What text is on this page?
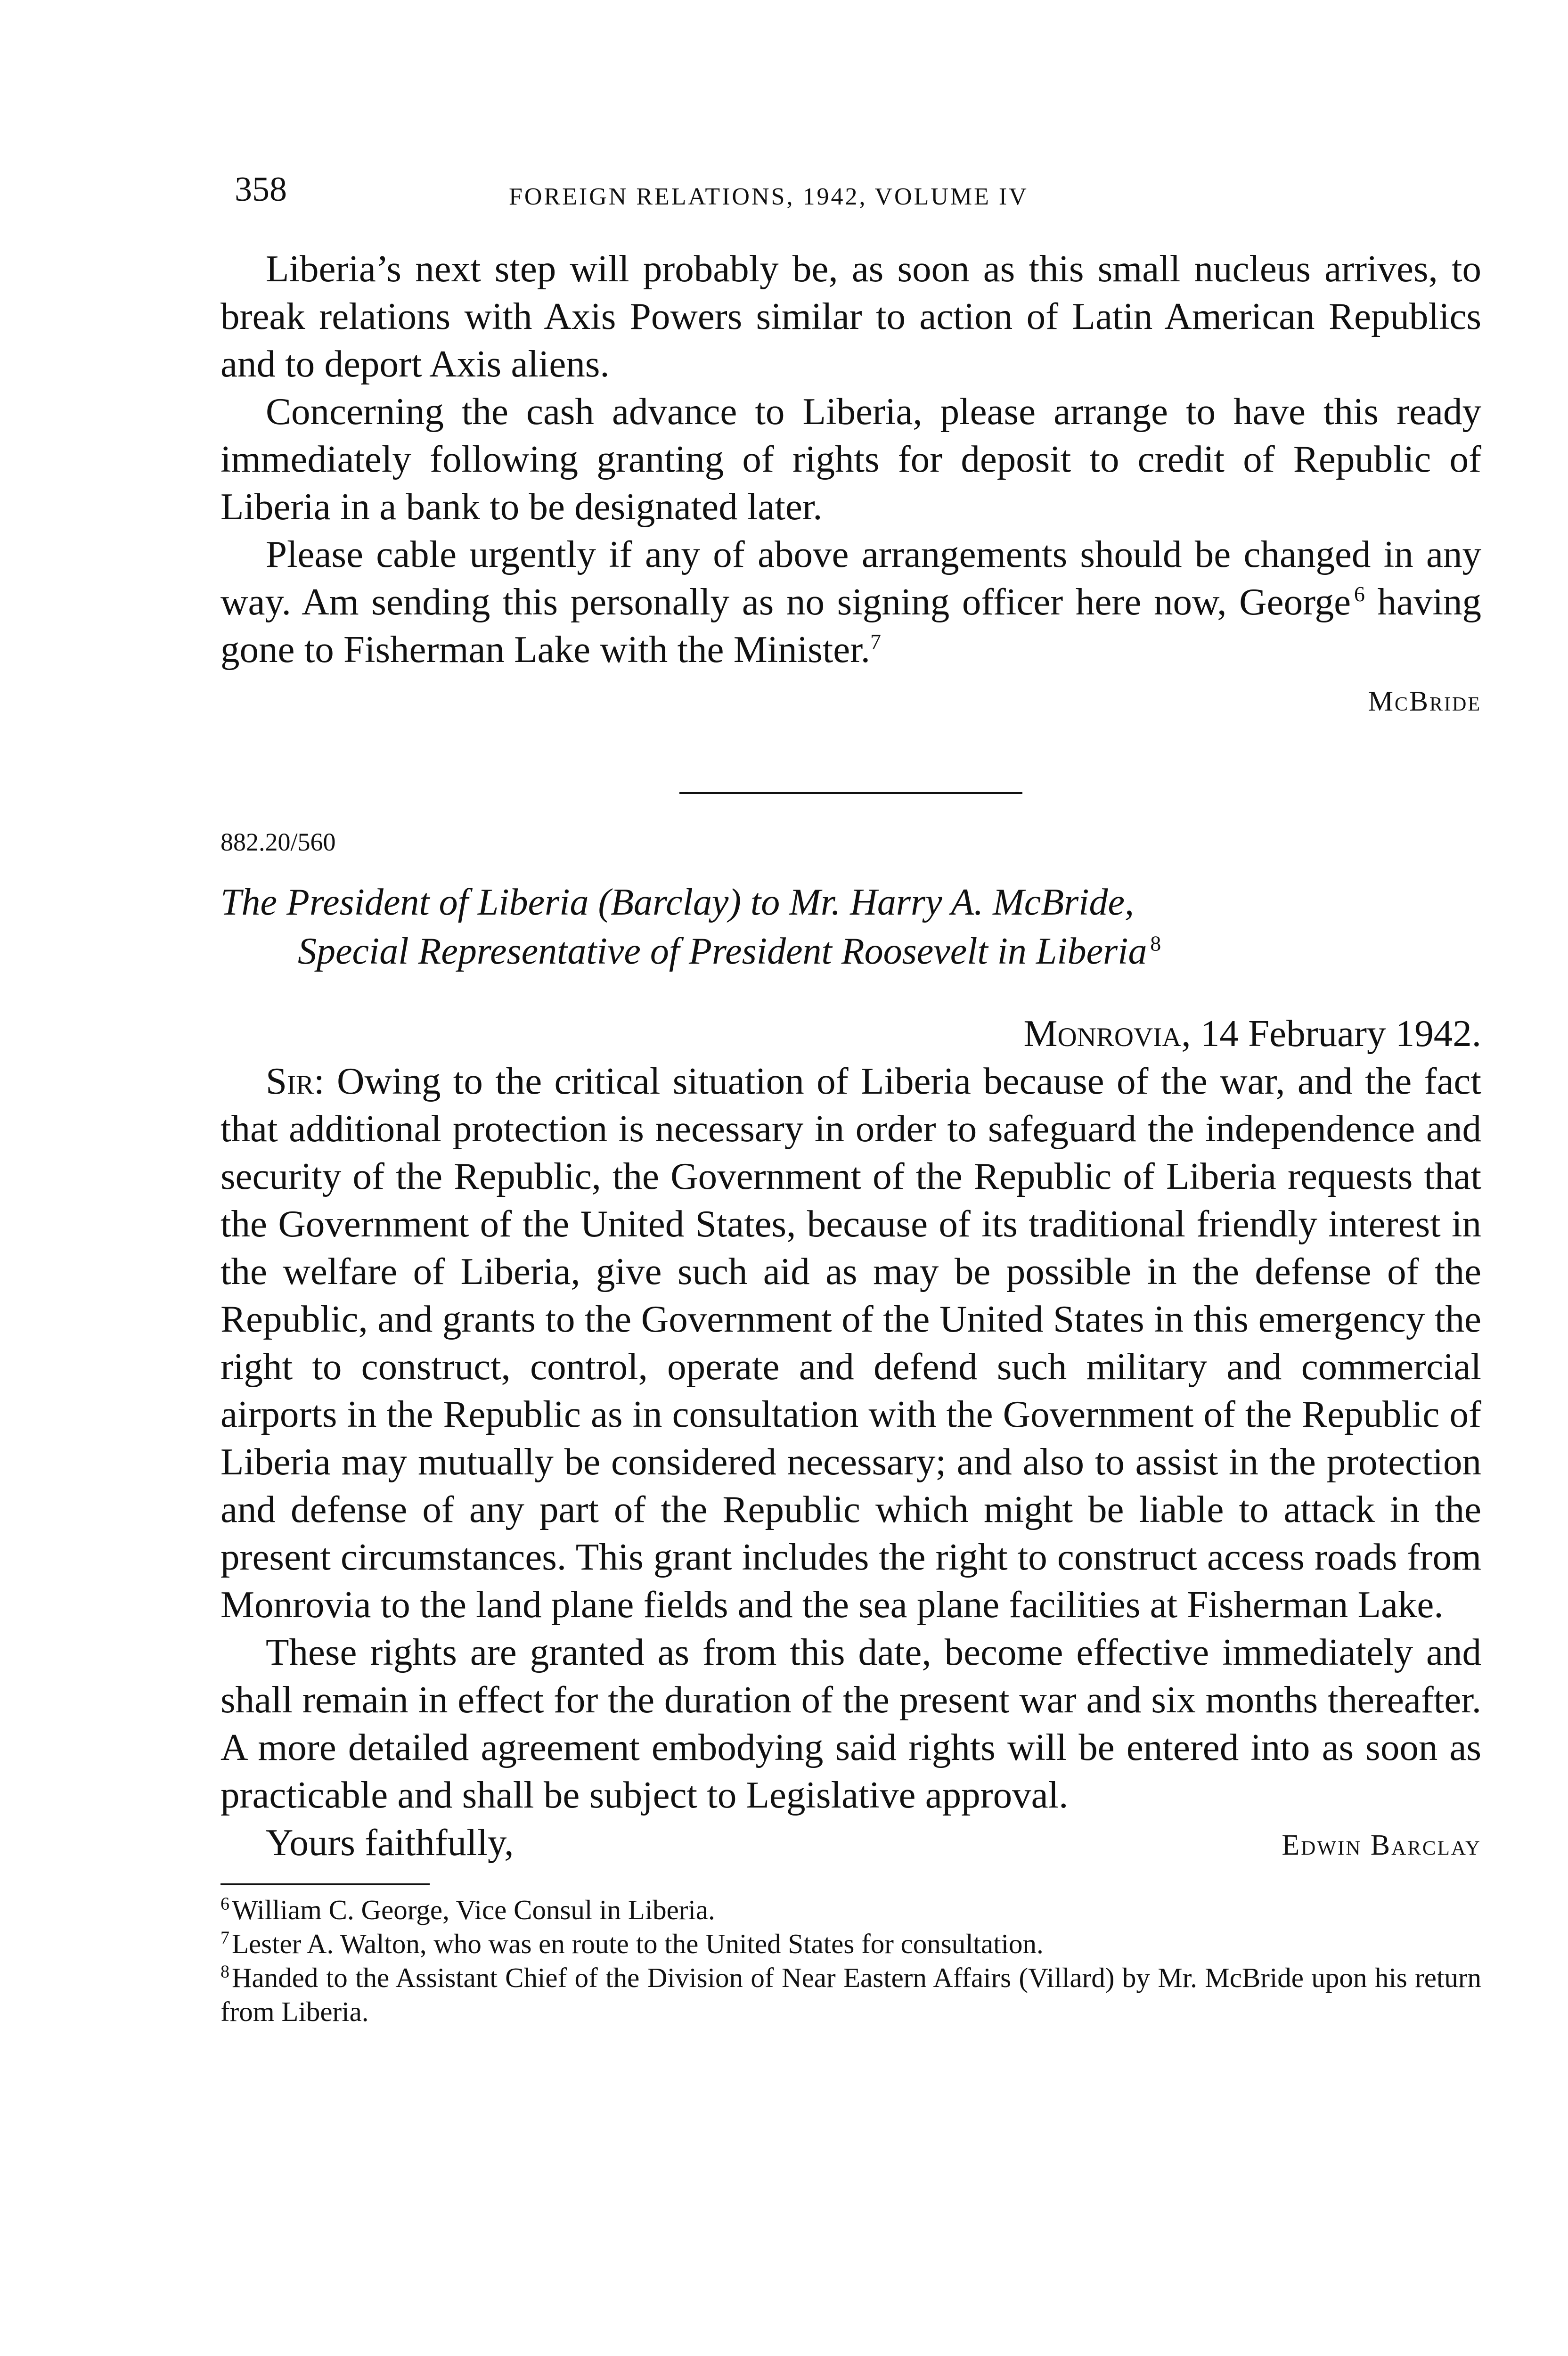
358	FOREIGN RELATIONS, 1942, VOLUME IV

Liberia’s next step will probably be, as soon as this small nucleus arrives, to break relations with Axis Powers similar to action of Latin American Republics and to deport Axis aliens.

Concerning the cash advance to Liberia, please arrange to have this ready immediately following granting of rights for deposit to credit of Republic of Liberia in a bank to be designated later.

Please cable urgently if any of above arrangements should be changed in any way. Am sending this personally as no signing officer here now, George  $^6$ having gone to Fisherman Lake with the Minister.$^7$

McBride
882.20/560
The President of Liberia (Barclay) to Mr. Harry A. McBride,
Special Representative of President Roosevelt in Liberia  $^8$
Monrovia, 14 February 1942.

Sir: Owing to the critical situation of Liberia because of the war, and the fact that additional protection is necessary in order to safeguard the independence and security of the Republic, the Government of the Republic of Liberia requests that the Government of the United States, because of its traditional friendly interest in the welfare of Liberia, give such aid as may be possible in the defense of the Republic, and grants to the Government of the United States in this emergency the right to construct, control, operate and defend such military and commercial airports in the Republic as in consultation with the Government of the Republic of Liberia may mutually be considered necessary; and also to assist in the protection and defense of any part of the Republic which might be liable to attack in the present circumstances. This grant includes the right to construct access roads from Monrovia to the land plane fields and the sea plane facilities at Fisherman Lake.

These rights are granted as from this date, become effective immediately and shall remain in effect for the duration of the present war and six months thereafter. A more detailed agreement embodying said rights will be entered into as soon as practicable and shall be subject to Legislative approval.

Yours faithfully,	Edwin Barclay

$^6$ William C. George, Vice Consul in Liberia.

$^7$ Lester A. Walton, who was en route to the United States for consultation.

$^8$ Handed to the Assistant Chief of the Division of Near Eastern Affairs (Villard) by Mr. McBride upon his return from Liberia.
